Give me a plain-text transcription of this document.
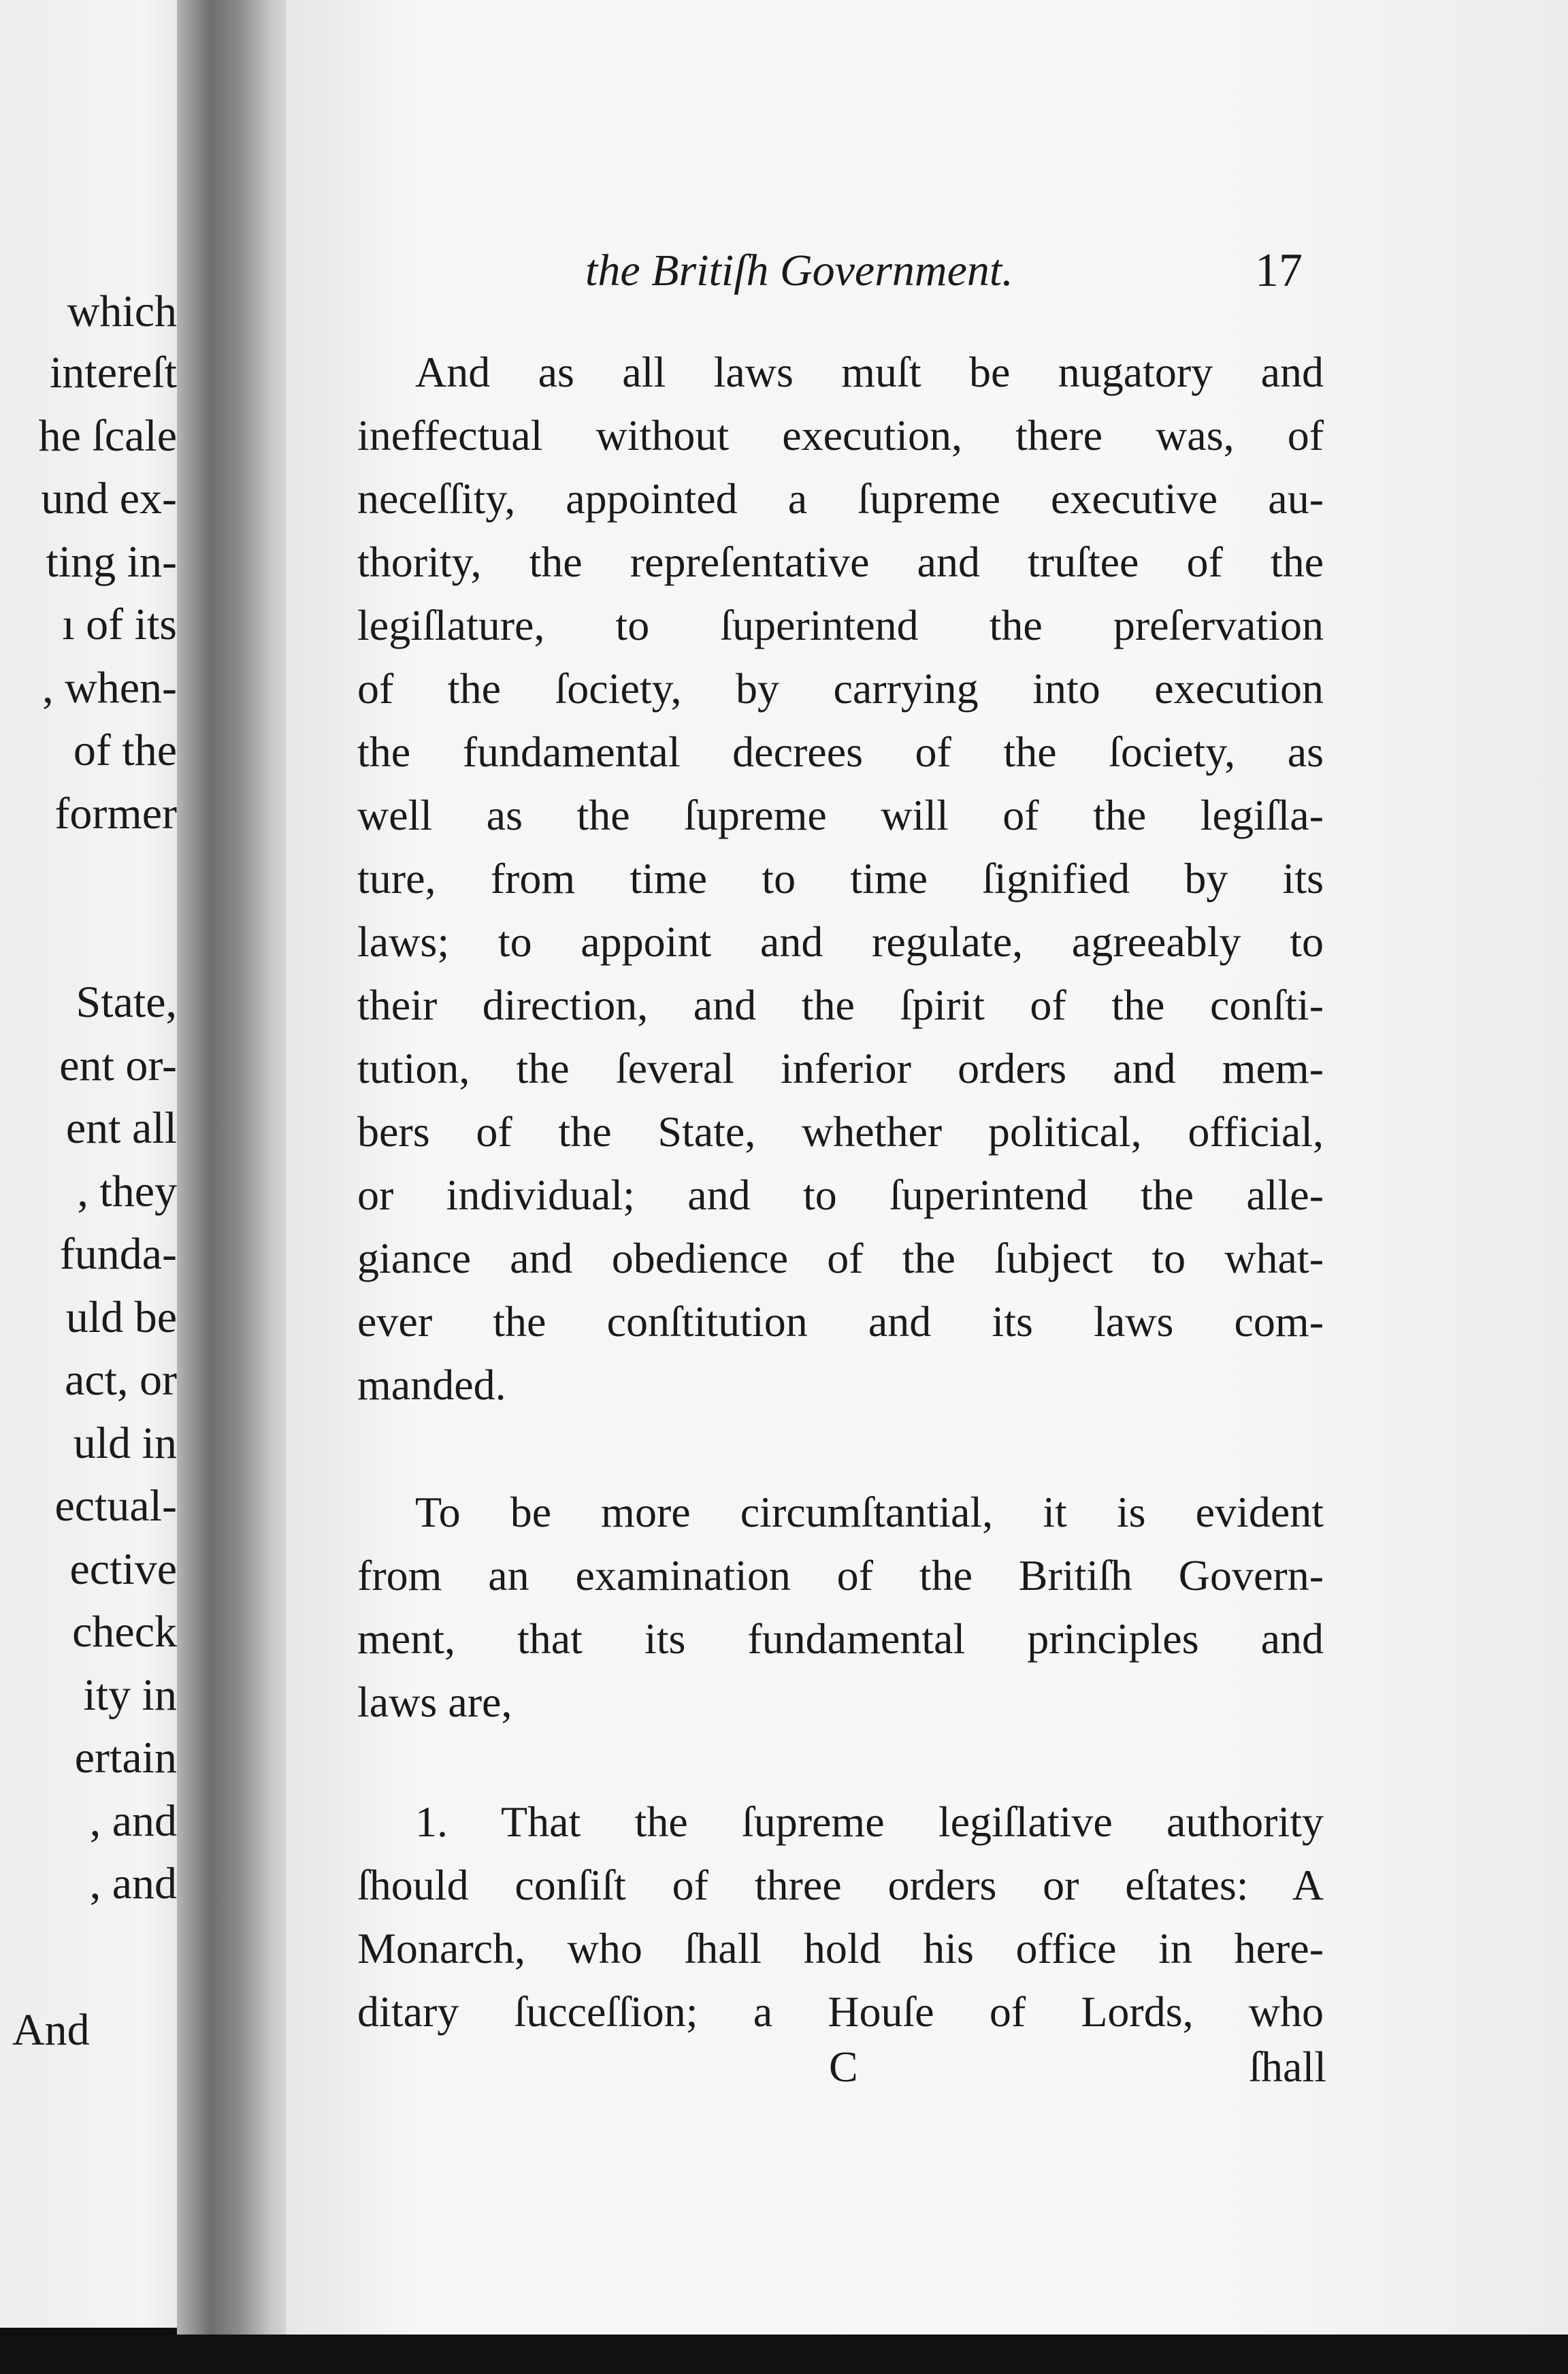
which
intereſt
he ſcale
und ex-
ting in-
ı of its
, when-
of the
former
State,
ent or-
ent all
, they
funda-
uld be
act, or
uld in
ectual-
ective
check
ity in
ertain
, and
, and
And
the Britiſh Government.	17
And as all laws muſt be nugatory and
ineffectual without execution, there was, of
neceſſity, appointed a ſupreme executive au-
thority, the repreſentative and truſtee of the
legiſlature, to ſuperintend the preſervation
of the ſociety, by carrying into execution
the fundamental decrees of the ſociety, as
well as the ſupreme will of the legiſla-
ture, from time to time ſignified by its
laws; to appoint and regulate, agreeably to
their direction, and the ſpirit of the conſti-
tution, the ſeveral inferior orders and mem-
bers of the State, whether political, official,
or individual; and to ſuperintend the alle-
giance and obedience of the ſubject to what-
ever the conſtitution and its laws com-
manded.
To be more circumſtantial, it is evident
from an examination of the Britiſh Govern-
ment, that its fundamental principles and
laws are,
1. That the ſupreme legiſlative authority
ſhould conſiſt of three orders or eſtates: A
Monarch, who ſhall hold his office in here-
ditary ſucceſſion; a Houſe of Lords, who
C	ſhall
